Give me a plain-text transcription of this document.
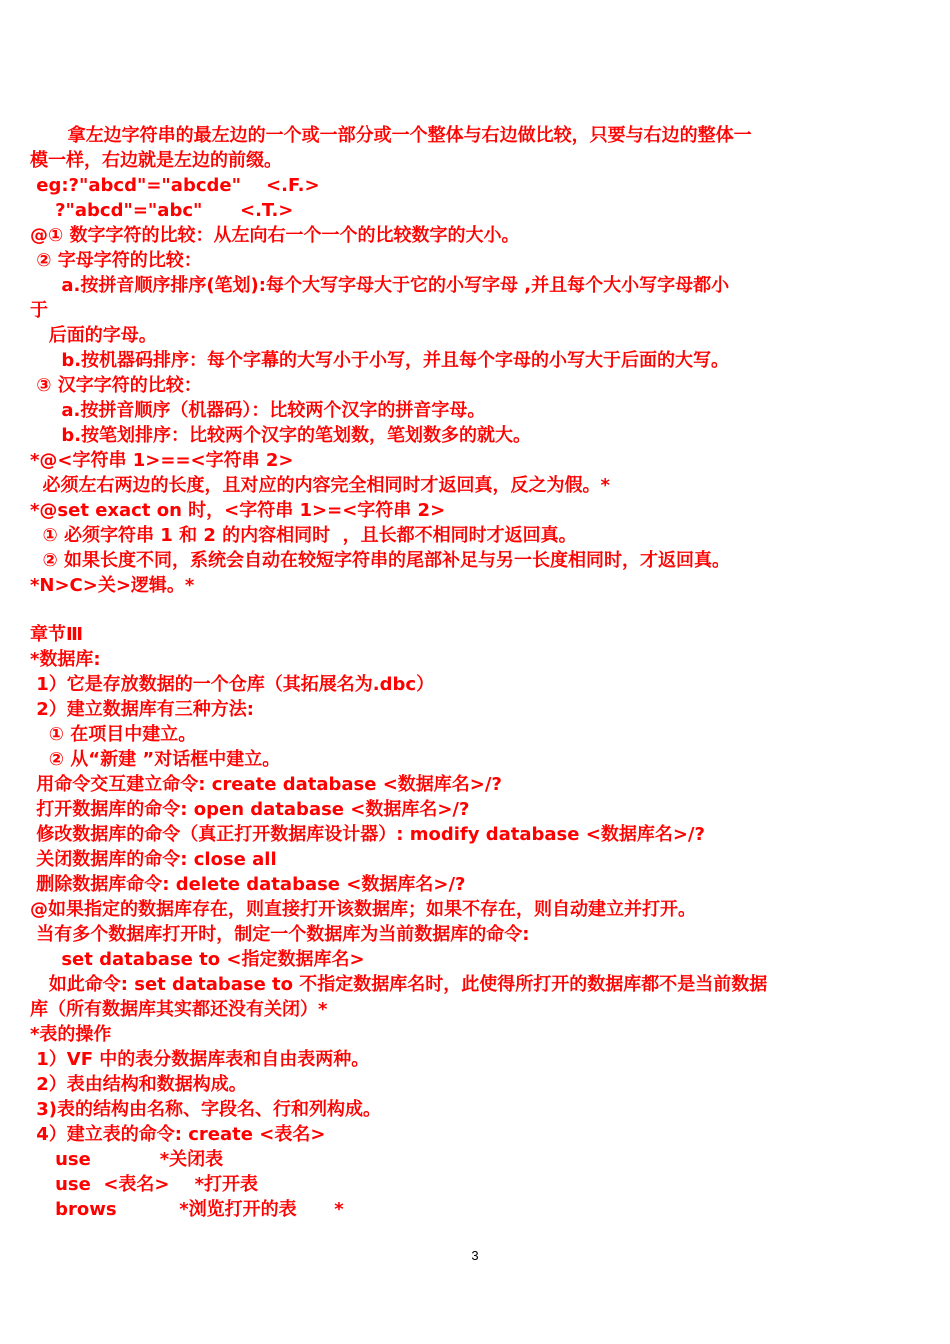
拿左边字符串的最左边的一个或一部分或一个整体与右边做比较，只要与右边的整体一
模一样，右边就是左边的前缀。
eg:?"abcd"="abcde"    <.F.>
?"abcd"="abc"      <.T.>
@① 数字字符的比较：从左向右一个一个的比较数字的大小。
② 字母字符的比较：
a.按拼音顺序排序(笔划):每个大写字母大于它的小写字母 ,并且每个大小写字母都小
于
后面的字母。
b.按机器码排序：每个字幕的大写小于小写，并且每个字母的小写大于后面的大写。
③ 汉字字符的比较：
a.按拼音顺序（机器码）：比较两个汉字的拼音字母。
b.按笔划排序：比较两个汉字的笔划数，笔划数多的就大。
*@<字符串 1>==<字符串 2>
必须左右两边的长度，且对应的内容完全相同时才返回真，反之为假。*
*@set exact on 时，<字符串 1>=<字符串 2>
① 必须字符串 1 和 2 的内容相同时  ，且长都不相同时才返回真。
② 如果长度不同，系统会自动在较短字符串的尾部补足与另一长度相同时，才返回真。
*N>C>关>逻辑。*
章节Ⅲ
*数据库:
1）它是存放数据的一个仓库（其拓展名为.dbc）
2）建立数据库有三种方法:
① 在项目中建立。
② 从“新建 ”对话框中建立。
用命令交互建立命令: create database <数据库名>/?
打开数据库的命令: open database <数据库名>/?
修改数据库的命令（真正打开数据库设计器）: modify database <数据库名>/?
关闭数据库的命令: close all
删除数据库命令: delete database <数据库名>/?
@如果指定的数据库存在，则直接打开该数据库；如果不存在，则自动建立并打开。
当有多个数据库打开时，制定一个数据库为当前数据库的命令:
set database to <指定数据库名>
如此命令: set database to 不指定数据库名时，此使得所打开的数据库都不是当前数据
库（所有数据库其实都还没有关闭）*
*表的操作
1）VF 中的表分数据库表和自由表两种。
2）表由结构和数据构成。
3)表的结构由名称、字段名、行和列构成。
4）建立表的命令: create <表名>
use           *关闭表
use  <表名>    *打开表
brows          *浏览打开的表      *
3
